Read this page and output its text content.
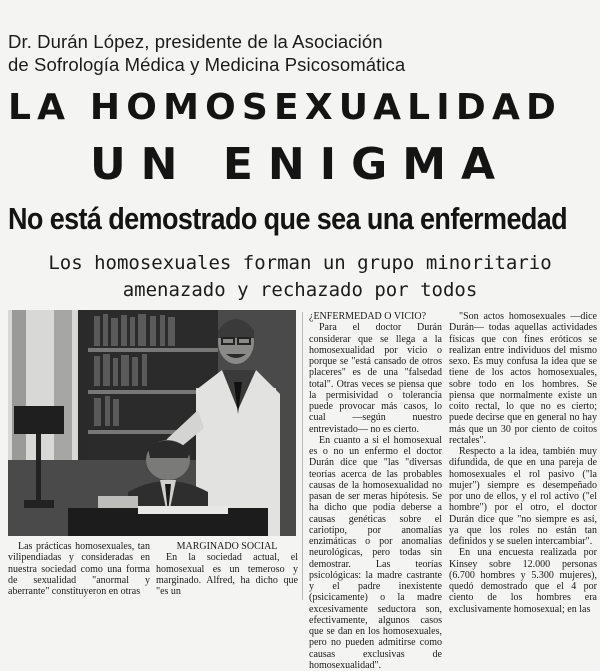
Dr. Durán López, presidente de la Asociación
de Sofrología Médica y Medicina Psicosomática
LA HOMOSEXUALIDAD
UN ENIGMA
No está demostrado que sea una enfermedad
Los homosexuales forman un grupo minoritario
amenazado y rechazado por todos

¿ENFERMEDAD O VICIO?

Para el doctor Durán considerar que se llega a la homosexualidad por vicio o porque se "está cansado de otros placeres" es de una "falsedad total". Otras veces se piensa que la permisividad o tolerancia puede provocar más casos, lo cual —según nuestro entrevistado— no es cierto.

En cuanto a si el homosexual es o no un enfermo el doctor Durán dice que "las "diversas teorías acerca de las probables causas de la homosexualidad no pasan de ser meras hipótesis. Se ha dicho que podía deberse a causas genéticas sobre el cariotipo, por anomalías enzimáticas o por anomalías neurológicas, pero todas sin demostrar. Las teorías psicológicas: la madre castrante y el padre inexistente (psicicamente) o la madre excesivamente seductora son, efectivamente, algunos casos que se dan en los homosexuales, pero no pueden admitirse como causas exclusivas de homosexualidad".

"Son actos homosexuales —dice Durán— todas aquellas actividades físicas que con fines eróticos se realizan entre individuos del mismo sexo. Es muy confusa la idea que se tiene de los actos homosexuales, sobre todo en los hombres. Se piensa que normalmente existe un coito rectal, lo que no es cierto; puede decirse que en general no hay más que un 30 por ciento de coitos rectales".

Respecto a la idea, también muy difundida, de que en una pareja de homosexuales el rol pasivo ("la mujer") siempre es desempeñado por uno de ellos, y el rol activo ("el hombre") por el otro, el doctor Durán dice que "no siempre es así, ya que los roles no están tan definidos y se suelen intercambiar".

En una encuesta realizada por Kinsey sobre 12.000 personas (6.700 hombres y 5.300 mujeres), quedó demostrado que el 4 por ciento de los hombres era exclusivamente homosexual; en las

Las prácticas homosexuales, tan vilipendiadas y consideradas en nuestra sociedad como una forma de sexualidad "anormal y aberrante" constituyeron en otras

MARGINADO SOCIAL

En la sociedad actual, el homosexual es un temeroso y marginado. Alfred, ha dicho que "es un
